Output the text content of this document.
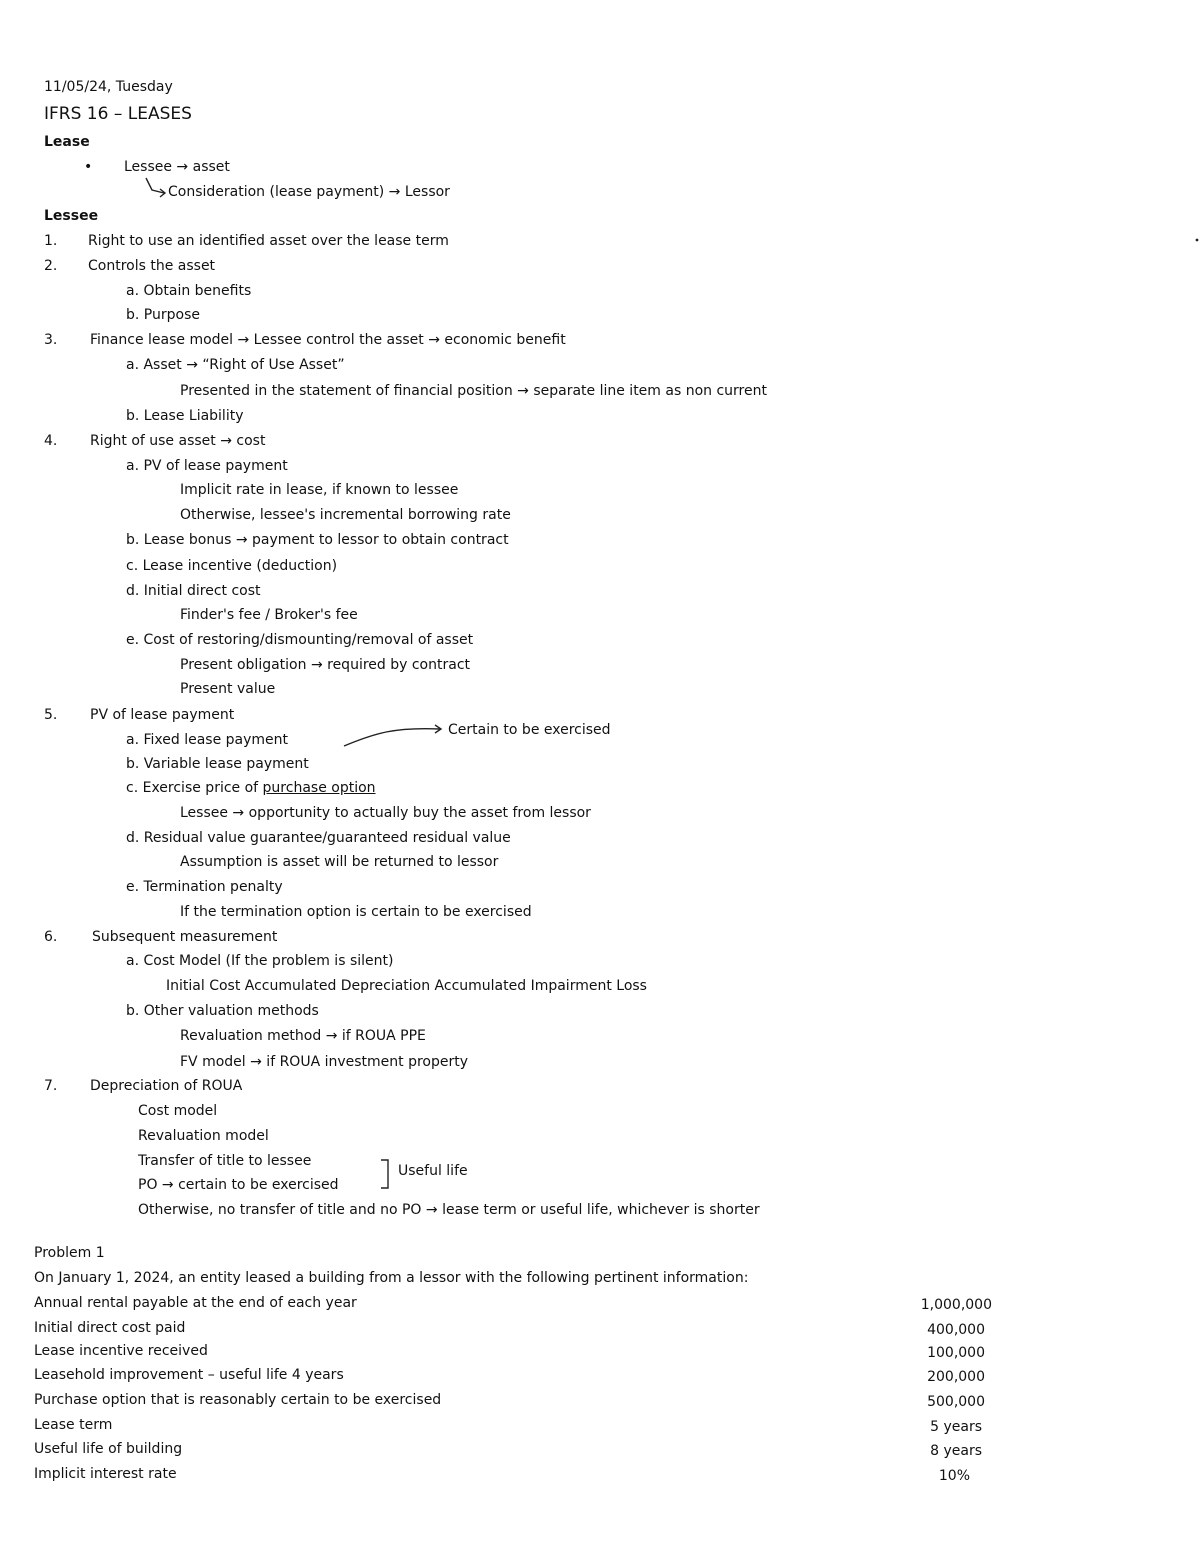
11/05/24, Tuesday
IFRS 16 – LEASES
Lease
• Lessee → asset
Consideration (lease payment) → Lessor
Lessee
1. Right to use an identified asset over the lease term
2. Controls the asset
a. Obtain benefits
b. Purpose
3. Finance lease model → Lessee control the asset → economic benefit
a. Asset → “Right of Use Asset”
Presented in the statement of financial position → separate line item as non current
b. Lease Liability
4. Right of use asset → cost
a. PV of lease payment
Implicit rate in lease, if known to lessee
Otherwise, lessee's incremental borrowing rate
b. Lease bonus → payment to lessor to obtain contract
c. Lease incentive (deduction)
d. Initial direct cost
Finder's fee / Broker's fee
e. Cost of restoring/dismounting/removal of asset
Present obligation → required by contract
Present value
5. PV of lease payment
a. Fixed lease payment
Certain to be exercised
b. Variable lease payment
c. Exercise price of purchase option
Lessee → opportunity to actually buy the asset from lessor
d. Residual value guarantee/guaranteed residual value
Assumption is asset will be returned to lessor
e. Termination penalty
If the termination option is certain to be exercised
6. Subsequent measurement
a. Cost Model (If the problem is silent)
Initial Cost Accumulated Depreciation Accumulated Impairment Loss
b. Other valuation methods
Revaluation method → if ROUA PPE
FV model → if ROUA investment property
7. Depreciation of ROUA
Cost model
Revaluation model
Transfer of title to lessee
PO → certain to be exercised
Useful life
Otherwise, no transfer of title and no PO → lease term or useful life, whichever is shorter
Problem 1
On January 1, 2024, an entity leased a building from a lessor with the following pertinent information:
Annual rental payable at the end of each year	1,000,000
Initial direct cost paid	400,000
Lease incentive received	100,000
Leasehold improvement – useful life 4 years	200,000
Purchase option that is reasonably certain to be exercised	500,000
Lease term	5 years
Useful life of building	8 years
Implicit interest rate	10%
